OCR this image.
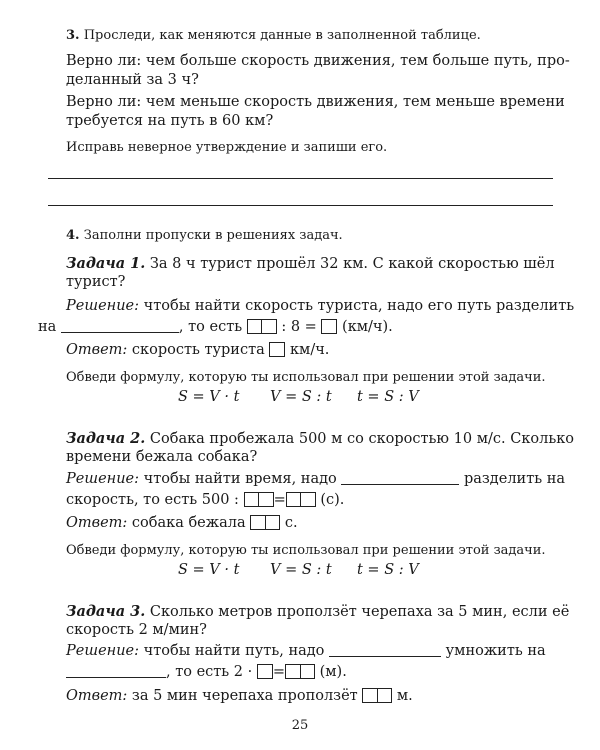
3. Проследи, как меняются данные в заполненной таблице.
Верно ли: чем больше скорость движения, тем больше путь, про-
деланный за 3 ч?
Верно ли: чем меньше скорость движения, тем меньше времени
требуется на путь в 60 км?
Исправь неверное утверждение и запиши его.
4. Заполни пропуски в решениях задач.
Задача 1. За 8 ч турист прошёл 32 км. С какой скоростью шёл
турист?
Решение: чтобы найти скорость туриста, надо его путь разделить
на	, то есть	: 8 = (км/ч).
Ответ: скорость туриста км/ч.
Обведи формулу, которую ты использовал при решении этой задачи.
S = V · t V = S : t t = S : V
Задача 2. Собака пробежала 500 м со скоростью 10 м/с. Сколько
времени бежала собака?
Решение: чтобы найти время, надо	разделить на
скорость, то есть 500 : = (с).
Ответ: собака бежала	с.
Обведи формулу, которую ты использовал при решении этой задачи.
S = V · t V = S : t t = S : V
Задача 3. Сколько метров проползёт черепаха за 5 мин, если её
скорость 2 м/мин?
Решение: чтобы найти путь, надо	умножить на
, то есть 2 · = (м).
Ответ: за 5 мин черепаха проползёт	м.
25
